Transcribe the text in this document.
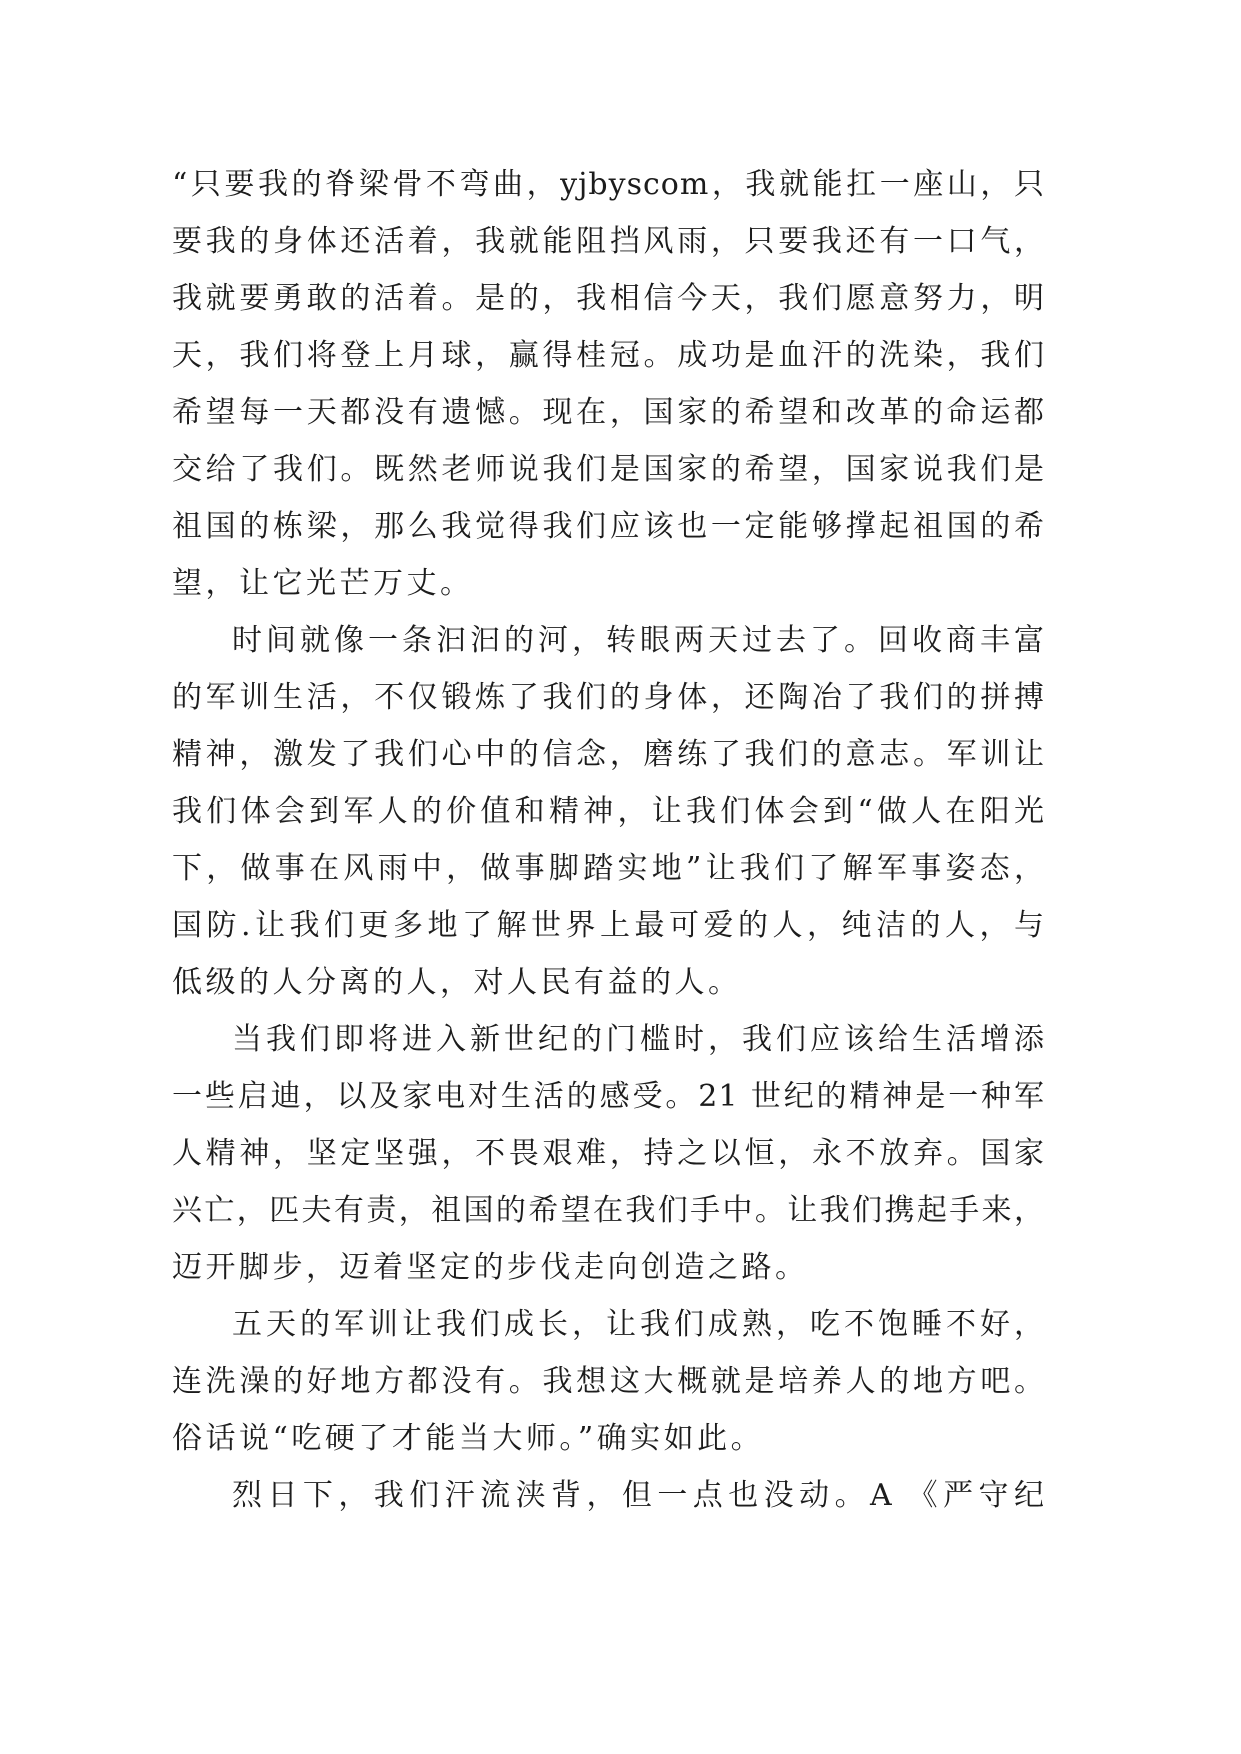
“只要我的脊梁骨不弯曲，yjbyscom，我就能扛一座山，只
要我的身体还活着，我就能阻挡风雨，只要我还有一口气，
我就要勇敢的活着。是的，我相信今天，我们愿意努力，明
天，我们将登上月球，赢得桂冠。成功是血汗的洗染，我们
希望每一天都没有遗憾。现在，国家的希望和改革的命运都
交给了我们。既然老师说我们是国家的希望，国家说我们是
祖国的栋梁，那么我觉得我们应该也一定能够撑起祖国的希
望，让它光芒万丈。
时间就像一条汩汩的河，转眼两天过去了。回收商丰富
的军训生活，不仅锻炼了我们的身体，还陶冶了我们的拼搏
精神，激发了我们心中的信念，磨练了我们的意志。军训让
我们体会到军人的价值和精神，让我们体会到“做人在阳光
下，做事在风雨中，做事脚踏实地”让我们了解军事姿态，
国防.让我们更多地了解世界上最可爱的人，纯洁的人，与
低级的人分离的人，对人民有益的人。
当我们即将进入新世纪的门槛时，我们应该给生活增添
一些启迪，以及家电对生活的感受。21 世纪的精神是一种军
人精神，坚定坚强，不畏艰难，持之以恒，永不放弃。国家
兴亡，匹夫有责，祖国的希望在我们手中。让我们携起手来，
迈开脚步，迈着坚定的步伐走向创造之路。
五天的军训让我们成长，让我们成熟，吃不饱睡不好，
连洗澡的好地方都没有。我想这大概就是培养人的地方吧。
俗话说“吃硬了才能当大师。”确实如此。
烈日下，我们汗流浃背，但一点也没动。A 《严守纪
